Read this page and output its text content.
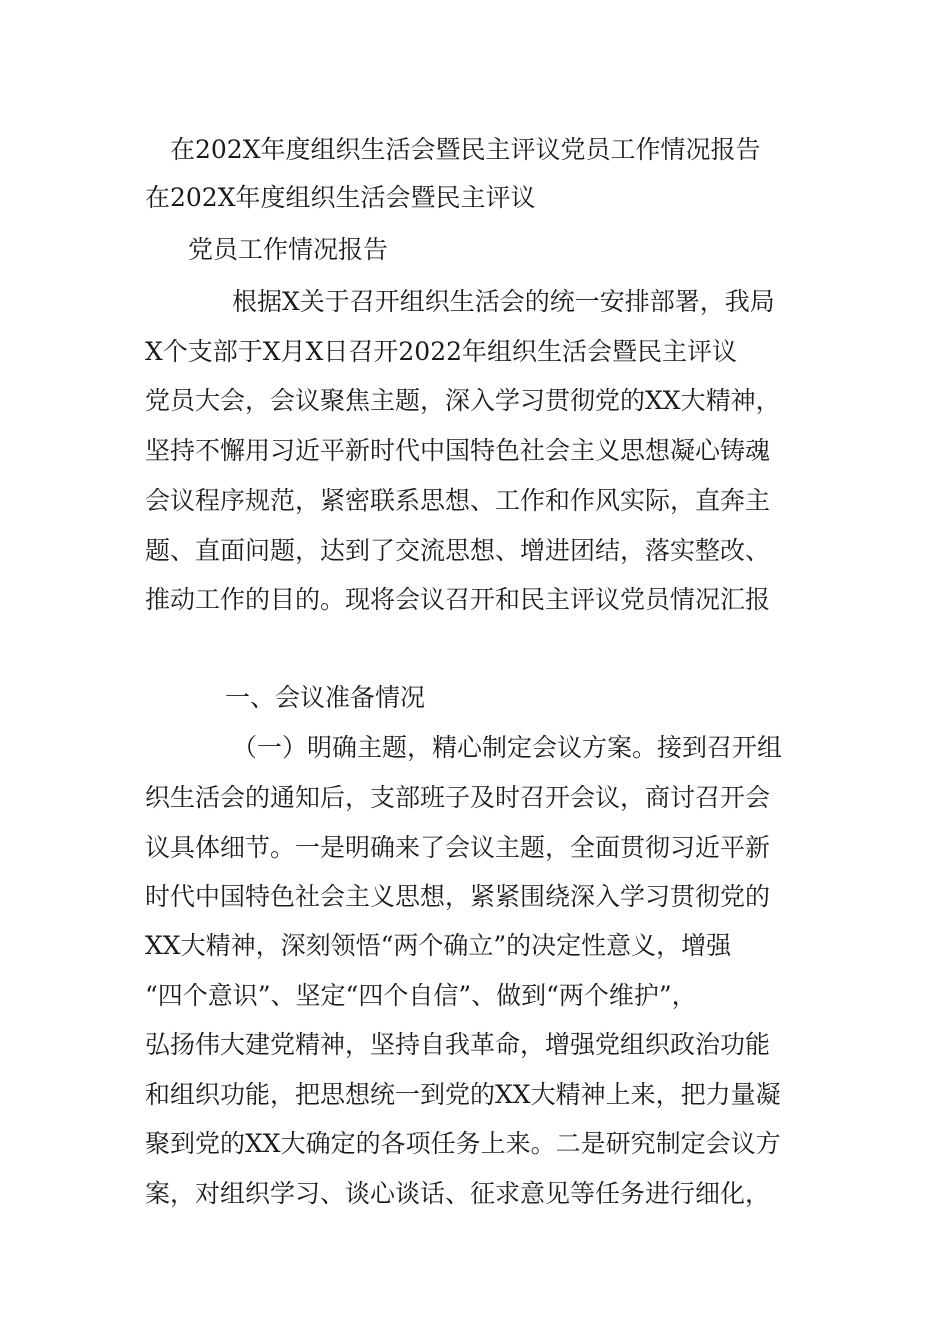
在202X年度组织生活会暨民主评议党员工作情况报告
在202X年度组织生活会暨民主评议
党员工作情况报告
根据X关于召开组织生活会的统一安排部署，我局
X个支部于X月X日召开2022年组织生活会暨民主评议
党员大会，会议聚焦主题，深入学习贯彻党的XX大精神，
坚持不懈用习近平新时代中国特色社会主义思想凝心铸魂
会议程序规范，紧密联系思想、工作和作风实际，直奔主
题、直面问题，达到了交流思想、增进团结，落实整改、
推动工作的目的。现将会议召开和民主评议党员情况汇报
一、会议准备情况
（一）明确主题，精心制定会议方案。接到召开组
织生活会的通知后，支部班子及时召开会议，商讨召开会
议具体细节。一是明确来了会议主题，全面贯彻习近平新
时代中国特色社会主义思想，紧紧围绕深入学习贯彻党的
XX大精神，深刻领悟“两个确立”的决定性意义，增强
“四个意识”、坚定“四个自信”、做到“两个维护”，
弘扬伟大建党精神，坚持自我革命，增强党组织政治功能
和组织功能，把思想统一到党的XX大精神上来，把力量凝
聚到党的XX大确定的各项任务上来。二是研究制定会议方
案，对组织学习、谈心谈话、征求意见等任务进行细化，
